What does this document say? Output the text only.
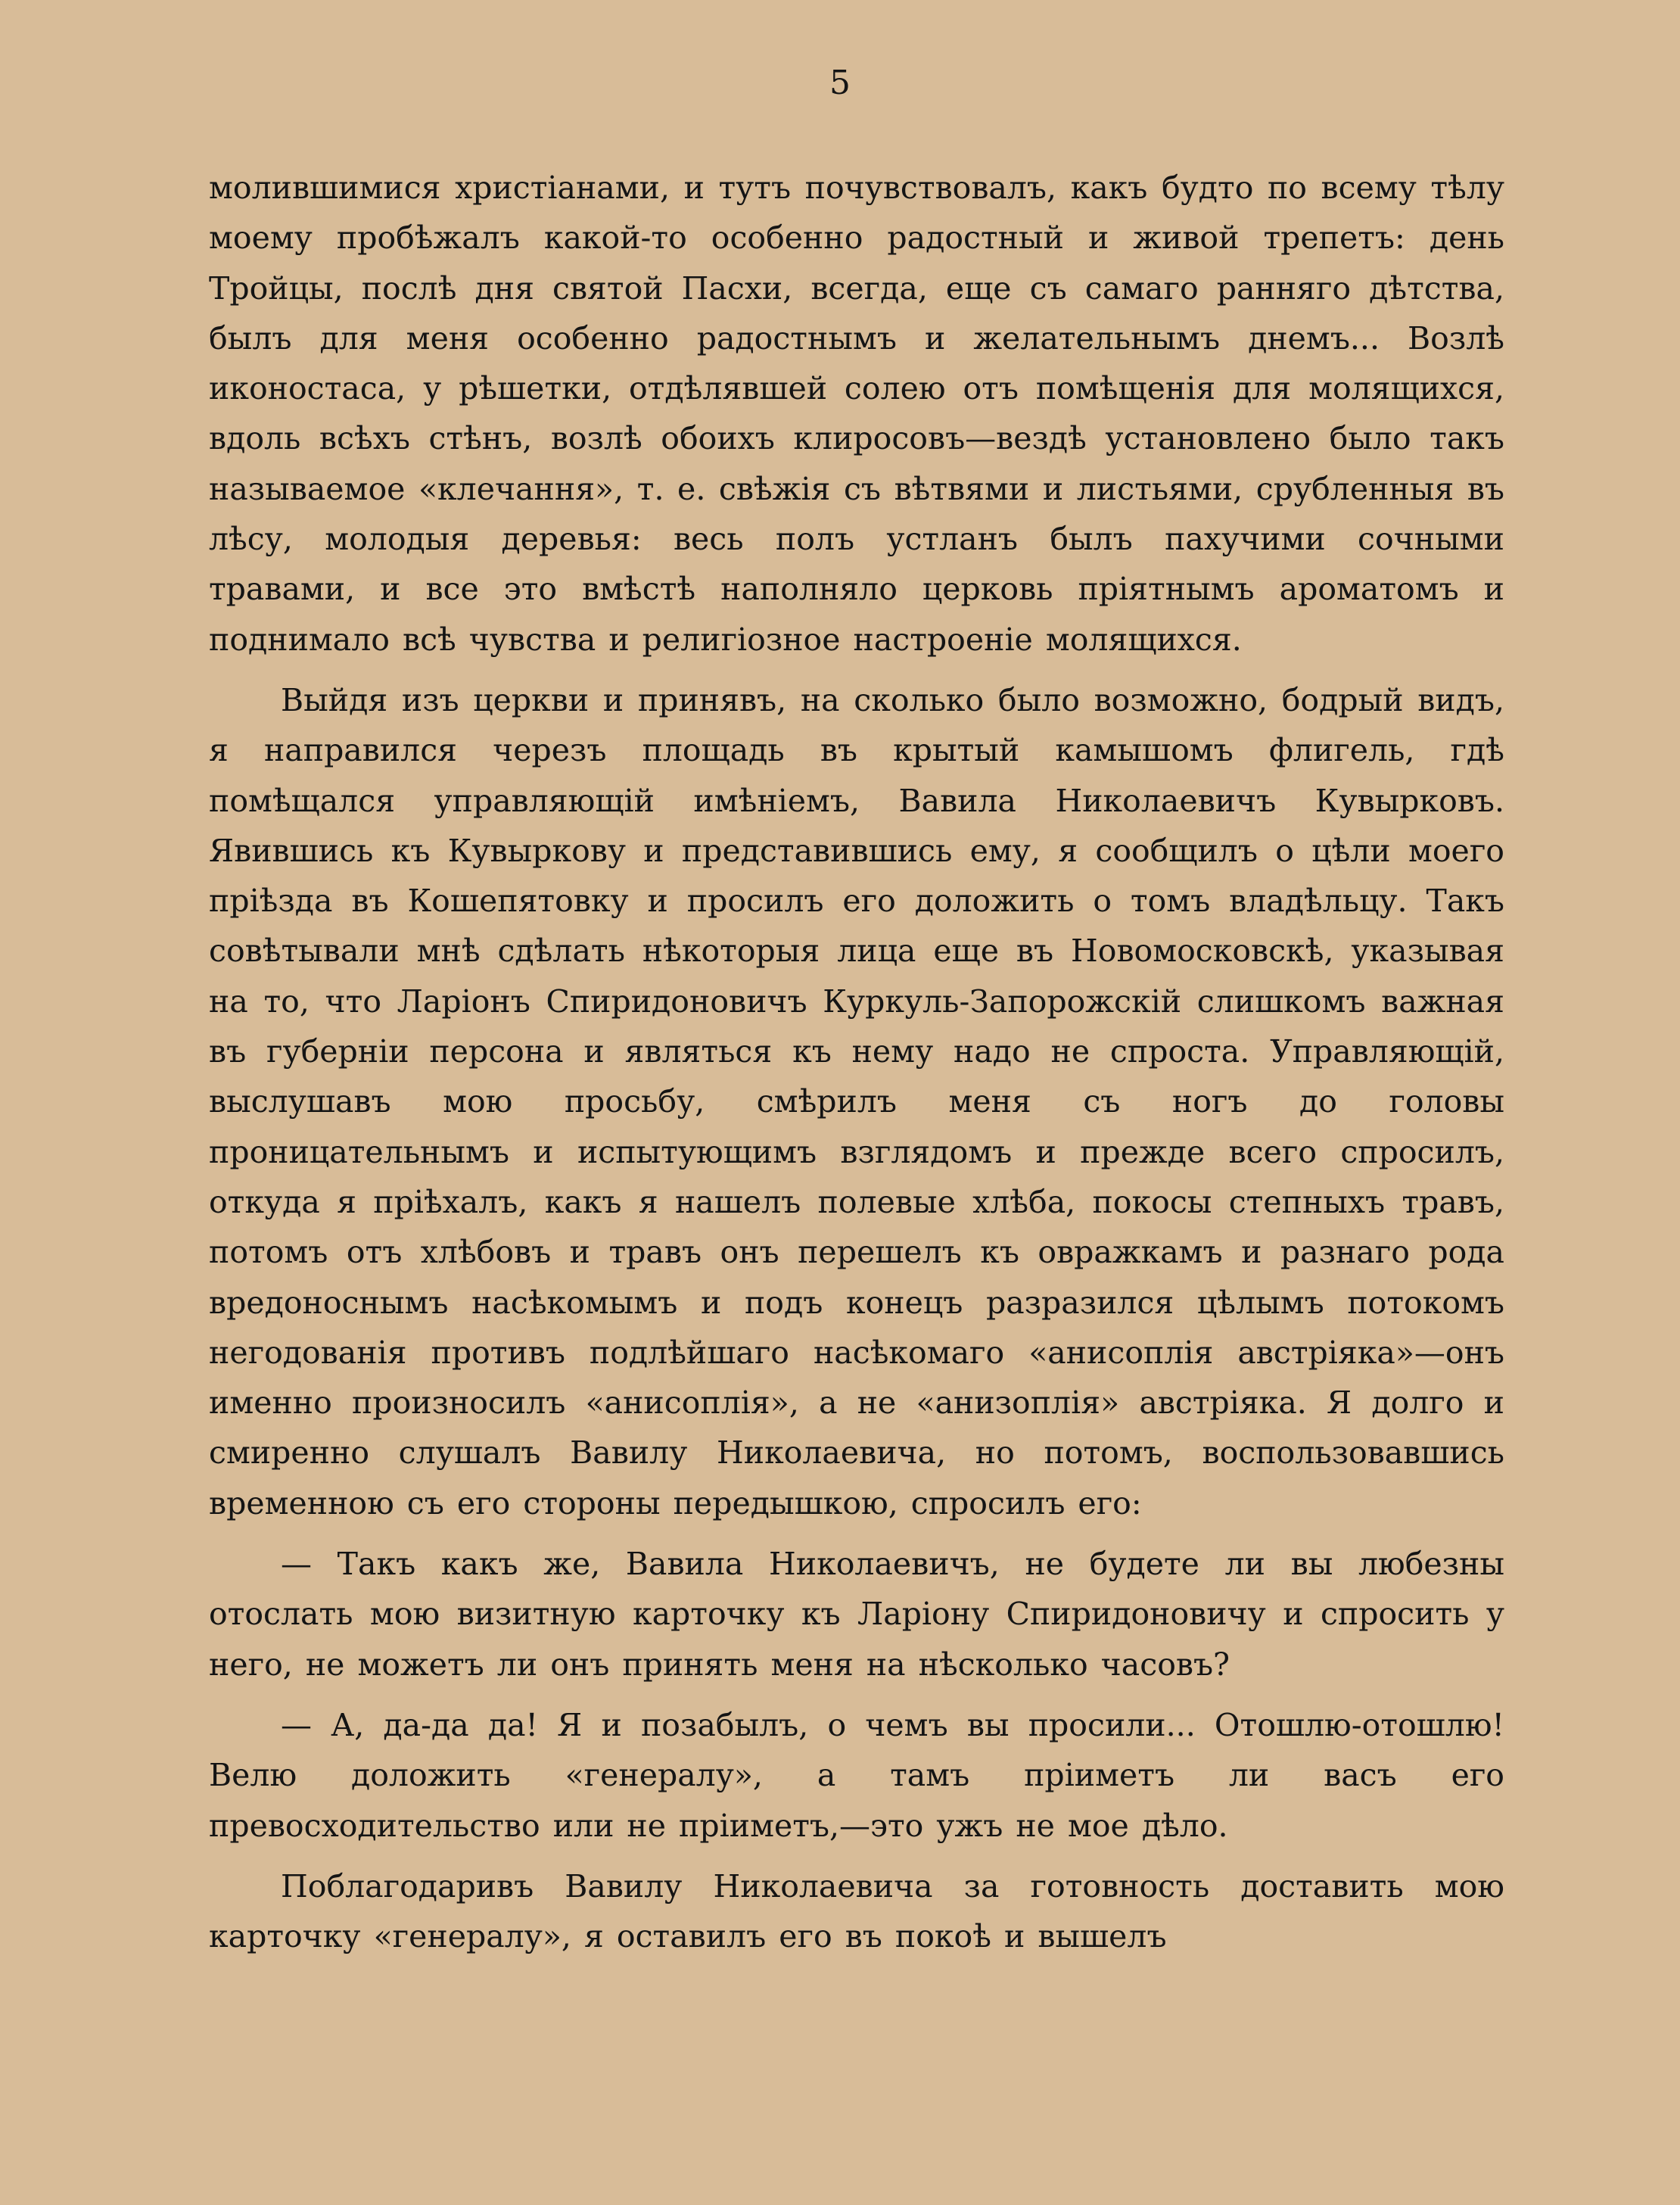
5

молившимися христіанами, и тутъ почувствовалъ, какъ будто по всему тѣлу моему пробѣжалъ какой-то особенно радостный и живой трепетъ: день Тройцы, послѣ дня святой Пасхи, всегда, еще съ самаго ранняго дѣтства, былъ для меня особенно радостнымъ и желательнымъ днемъ... Возлѣ иконостаса, у рѣшетки, отдѣлявшей солею отъ помѣщенія для молящихся, вдоль всѣхъ стѣнъ, возлѣ обоихъ клиросовъ—вездѣ установлено было такъ называемое «клечання», т. е. свѣжія съ вѣтвями и листьями, срубленныя въ лѣсу, молодыя деревья: весь полъ устланъ былъ пахучими сочными травами, и все это вмѣстѣ наполняло церковь пріятнымъ ароматомъ и поднимало всѣ чувства и религіозное настроеніе молящихся.

Выйдя изъ церкви и принявъ, на сколько было возможно, бодрый видъ, я направился черезъ площадь въ крытый камышомъ флигель, гдѣ помѣщался управляющій имѣніемъ, Вавила Николаевичъ Кувырковъ. Явившись къ Кувыркову и представившись ему, я сообщилъ о цѣли моего пріѣзда въ Кошепятовку и просилъ его доложить о томъ владѣльцу. Такъ совѣтывали мнѣ сдѣлать нѣкоторыя лица еще въ Новомосковскѣ, указывая на то, что Ларіонъ Спиридоновичъ Куркуль-Запорожскій слишкомъ важная въ губерніи персона и являться къ нему надо не спроста. Управляющій, выслушавъ мою просьбу, смѣрилъ меня съ ногъ до головы проницательнымъ и испытующимъ взглядомъ и прежде всего спросилъ, откуда я пріѣхалъ, какъ я нашелъ полевые хлѣба, покосы степныхъ травъ, потомъ отъ хлѣбовъ и травъ онъ перешелъ къ овражкамъ и разнаго рода вредоноснымъ насѣкомымъ и подъ конецъ разразился цѣлымъ потокомъ негодованія противъ подлѣйшаго насѣкомаго «анисоплія австріяка»—онъ именно произносилъ «анисоплія», а не «анизоплія» австріяка. Я долго и смиренно слушалъ Вавилу Николаевича, но потомъ, воспользовавшись временною съ его стороны передышкою, спросилъ его:

— Такъ какъ же, Вавила Николаевичъ, не будете ли вы любезны отослать мою визитную карточку къ Ларіону Спиридоновичу и спросить у него, не можетъ ли онъ принять меня на нѣсколько часовъ?

— А, да-да да! Я и позабылъ, о чемъ вы просили... Отошлю-отошлю! Велю доложить «генералу», а тамъ пріиметъ ли васъ его превосходительство или не пріиметъ,—это ужъ не мое дѣло.

Поблагодаривъ Вавилу Николаевича за готовность доставить мою карточку «генералу», я оставилъ его въ покоѣ и вышелъ
